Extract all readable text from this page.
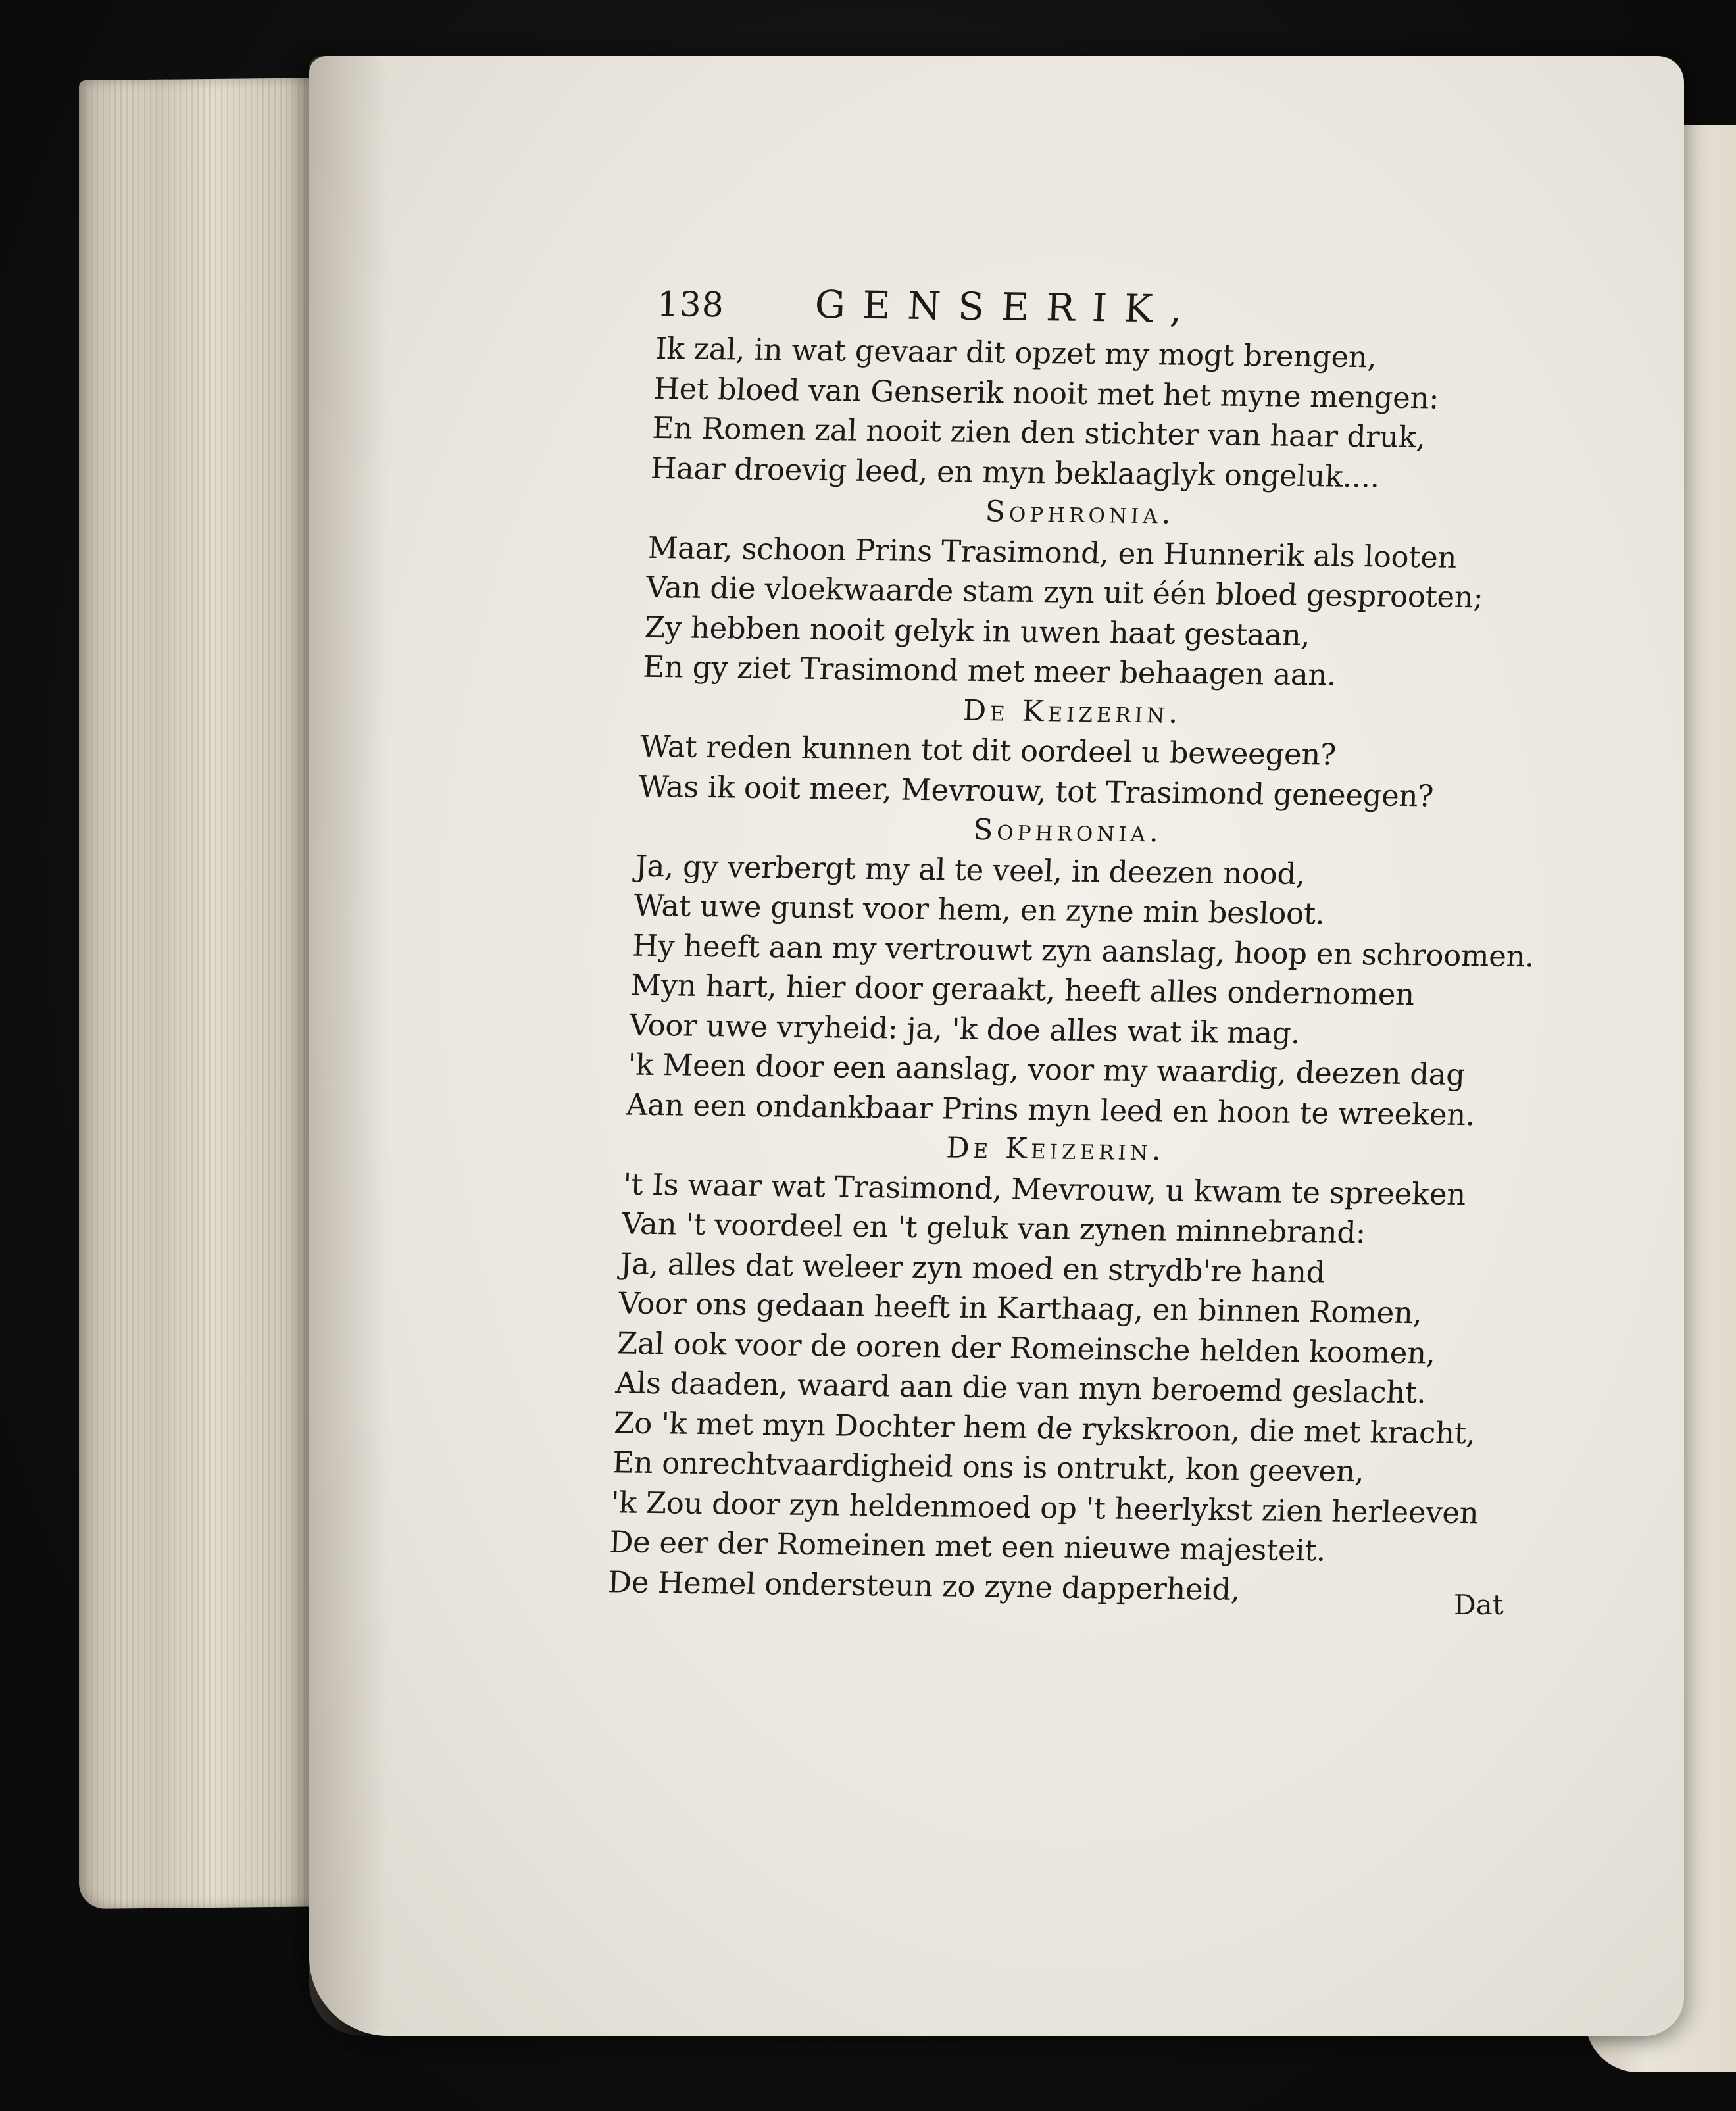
138	GENSERIK,
Ik zal, in wat gevaar dit opzet my mogt brengen,
Het bloed van Genserik nooit met het myne mengen:
En Romen zal nooit zien den stichter van haar druk,
Haar droevig leed, en myn beklaaglyk ongeluk....
Sophronia.
Maar, schoon Prins Trasimond, en Hunnerik als looten
Van die vloekwaarde stam zyn uit één bloed gesprooten;
Zy hebben nooit gelyk in uwen haat gestaan,
En gy ziet Trasimond met meer behaagen aan.
De Keizerin.
Wat reden kunnen tot dit oordeel u beweegen?
Was ik ooit meer, Mevrouw, tot Trasimond geneegen?
Sophronia.
Ja, gy verbergt my al te veel, in deezen nood,
Wat uwe gunst voor hem, en zyne min besloot.
Hy heeft aan my vertrouwt zyn aanslag, hoop en schroomen.
Myn hart, hier door geraakt, heeft alles ondernomen
Voor uwe vryheid: ja, 'k doe alles wat ik mag.
'k Meen door een aanslag, voor my waardig, deezen dag
Aan een ondankbaar Prins myn leed en hoon te wreeken.
De Keizerin.
't Is waar wat Trasimond, Mevrouw, u kwam te spreeken
Van 't voordeel en 't geluk van zynen minnebrand:
Ja, alles dat weleer zyn moed en strydb're hand
Voor ons gedaan heeft in Karthaag, en binnen Romen,
Zal ook voor de ooren der Romeinsche helden koomen,
Als daaden, waard aan die van myn beroemd geslacht.
Zo 'k met myn Dochter hem de rykskroon, die met kracht,
En onrechtvaardigheid ons is ontrukt, kon geeven,
'k Zou door zyn heldenmoed op 't heerlykst zien herleeven
De eer der Romeinen met een nieuwe majesteit.
De Hemel ondersteun zo zyne dapperheid,	Dat
